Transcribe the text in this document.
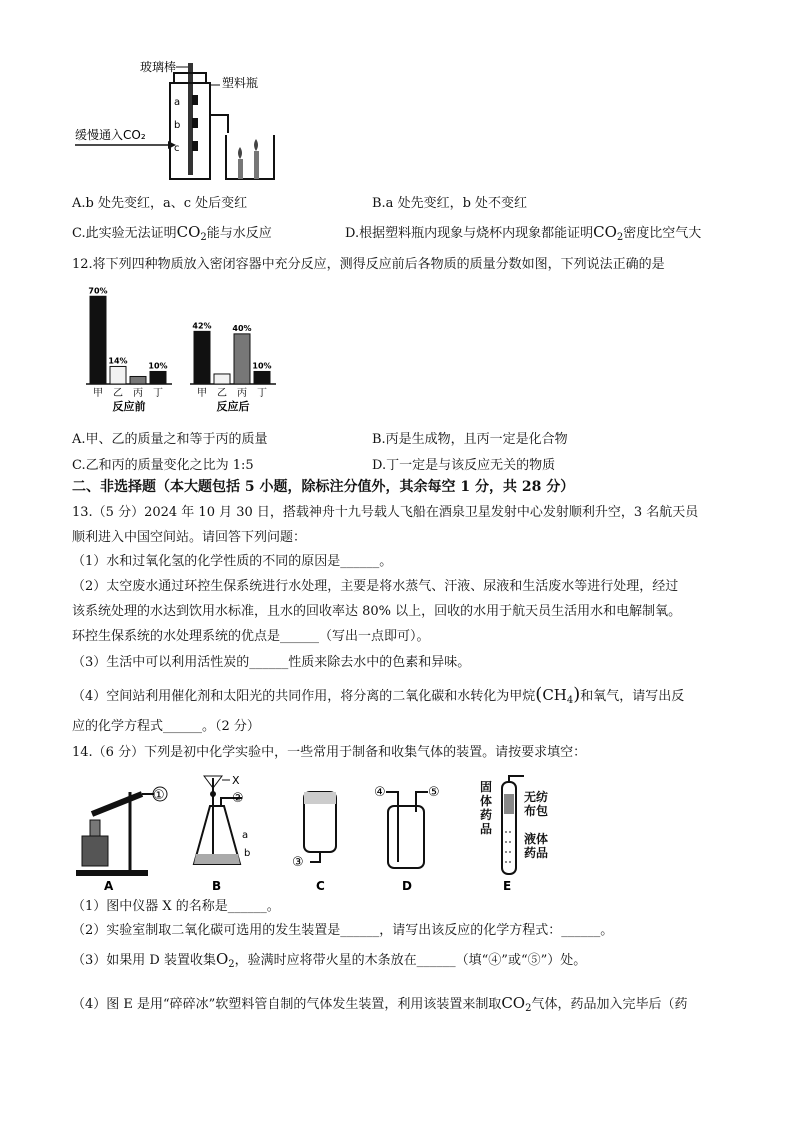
a
b
c
缓慢通入CO₂
玻璃棒
塑料瓶
A.b 处先变红，a、c 处后变红	B.a 处先变红，b 处不变红
C.此实验无法证明$CO_2$能与水反应	D.根据塑料瓶内现象与烧杯内现象都能证明$CO_2$密度比空气大
12.将下列四种物质放入密闭容器中充分反应，测得反应前后各物质的质量分数如图，下列说法正确的是
70%
甲
14%
乙 丙
10%
丁
反应前
42%
甲 乙
40%
丙
10%
丁
反应后
A.甲、乙的质量之和等于丙的质量	B.丙是生成物，且丙一定是化合物
C.乙和丙的质量变化之比为 1:5	D.丁一定是与该反应无关的物质
二、非选择题（本大题包括 5 小题，除标注分值外，其余每空 1 分，共 28 分）
13.（5 分）2024 年 10 月 30 日，搭载神舟十九号载人飞船在酒泉卫星发射中心发射顺利升空，3 名航天员
顺利进入中国空间站。请回答下列问题：
（1）水和过氧化氢的化学性质的不同的原因是______。
（2）太空废水通过环控生保系统进行水处理，主要是将水蒸气、汗液、尿液和生活废水等进行处理，经过
该系统处理的水达到饮用水标准，且水的回收率达 80% 以上，回收的水用于航天员生活用水和电解制氧。
环控生保系统的水处理系统的优点是______（写出一点即可）。
（3）生活中可以利用活性炭的______性质来除去水中的色素和异味。
（4）空间站利用催化剂和太阳光的共同作用，将分离的二氧化碳和水转化为甲烷$(CH_4)$和氧气，请写出反
应的化学方程式______。（2 分）
14.（6 分）下列是初中化学实验中，一些常用于制备和收集气体的装置。请按要求填空：
①
A
X
②
a
b
B
③
C
④	⑤
D	E
固体药品
无纺布包
液体药品
（1）图中仪器 X 的名称是______。
（2）实验室制取二氧化碳可选用的发生装置是______，请写出该反应的化学方程式：______。
（3）如果用 D 装置收集$O_2$，验满时应将带火星的木条放在______（填“④”或“⑤”）处。
（4）图 E 是用“碎碎冰”软塑料管自制的气体发生装置，利用该装置来制取$CO_2$气体，药品加入完毕后（药
